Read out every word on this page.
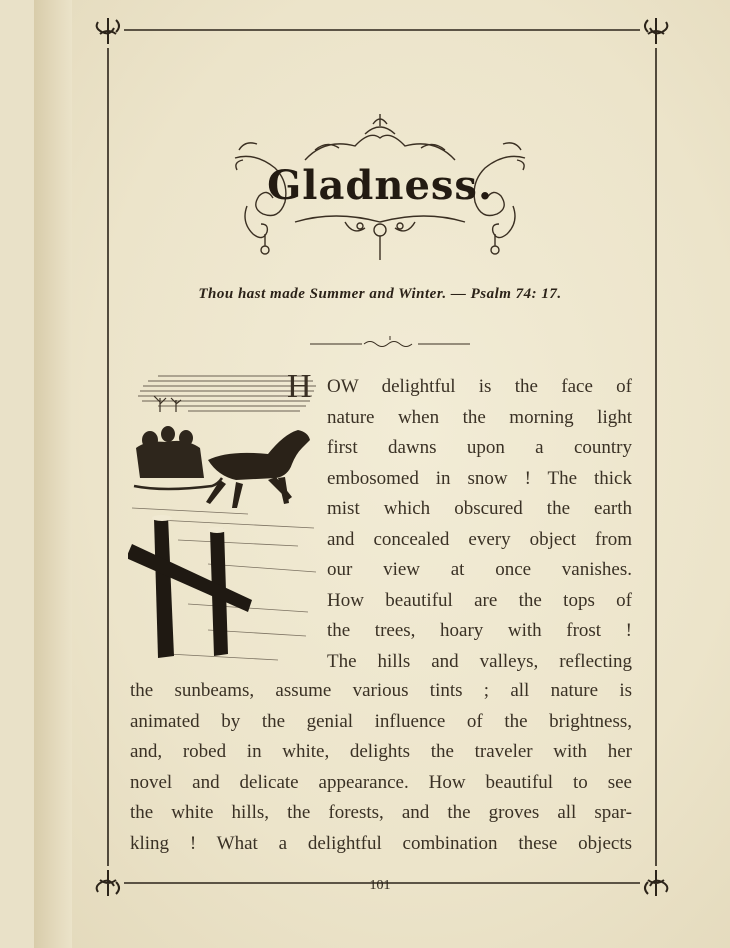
Gladness.
Thou hast made Summer and Winter. — Psalm 74: 17.
H OW delightful is the face of
nature when the morning light
first dawns upon a country
embosomed in snow ! The thick
mist which obscured the earth
and concealed every object from
our view at once vanishes.
How beautiful are the tops of
the trees, hoary with frost !
The hills and valleys, reflecting
the sunbeams, assume various tints ; all nature is
animated by the genial influence of the brightness,
and, robed in white, delights the traveler with her
novel and delicate appearance. How beautiful to see
the white hills, the forests, and the groves all spar-
kling ! What a delightful combination these objects
101
